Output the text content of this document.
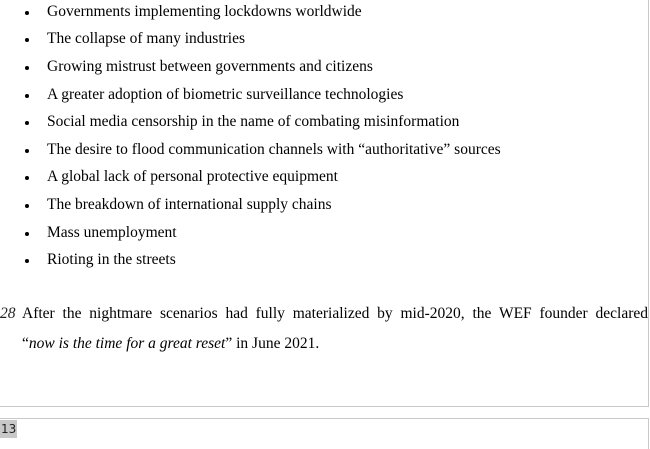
Governments implementing lockdowns worldwide
The collapse of many industries
Growing mistrust between governments and citizens
A greater adoption of biometric surveillance technologies
Social media censorship in the name of combating misinformation
The desire to flood communication channels with “authoritative” sources
A global lack of personal protective equipment
The breakdown of international supply chains
Mass unemployment
Rioting in the streets
28 After the nightmare scenarios had fully materialized by mid-2020, the WEF founder declared
“now is the time for a great reset” in June 2021.
13
